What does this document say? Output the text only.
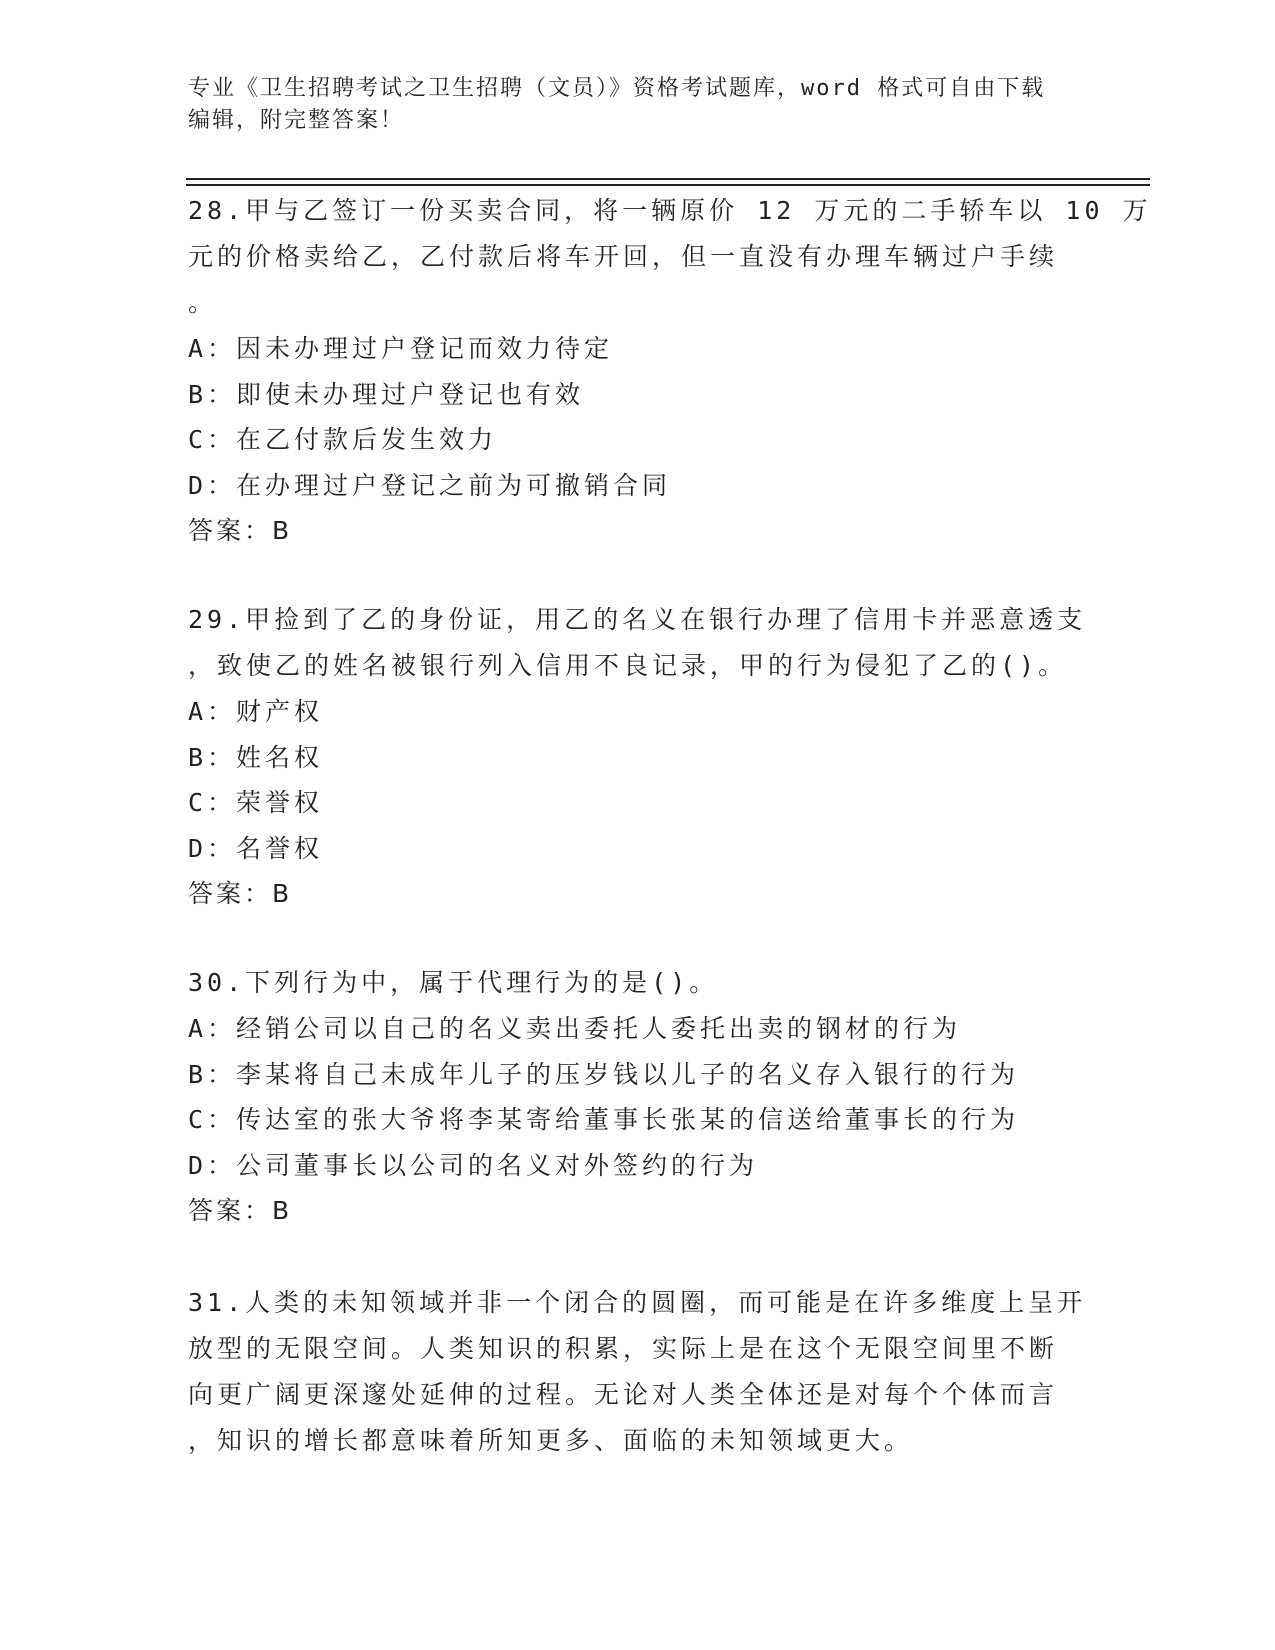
专业《卫生招聘考试之卫生招聘（文员）》资格考试题库，word 格式可自由下载
编辑，附完整答案！
28.甲与乙签订一份买卖合同，将一辆原价 12 万元的二手轿车以 10 万
元的价格卖给乙，乙付款后将车开回，但一直没有办理车辆过户手续
。
A：因未办理过户登记而效力待定
B：即使未办理过户登记也有效
C：在乙付款后发生效力
D：在办理过户登记之前为可撤销合同
答案：B
29.甲捡到了乙的身份证，用乙的名义在银行办理了信用卡并恶意透支
，致使乙的姓名被银行列入信用不良记录，甲的行为侵犯了乙的()。
A：财产权
B：姓名权
C：荣誉权
D：名誉权
答案：B
30.下列行为中，属于代理行为的是()。
A：经销公司以自己的名义卖出委托人委托出卖的钢材的行为
B：李某将自己未成年儿子的压岁钱以儿子的名义存入银行的行为
C：传达室的张大爷将李某寄给董事长张某的信送给董事长的行为
D：公司董事长以公司的名义对外签约的行为
答案：B
31.人类的未知领域并非一个闭合的圆圈，而可能是在许多维度上呈开
放型的无限空间。人类知识的积累，实际上是在这个无限空间里不断
向更广阔更深邃处延伸的过程。无论对人类全体还是对每个个体而言
，知识的增长都意味着所知更多、面临的未知领域更大。
